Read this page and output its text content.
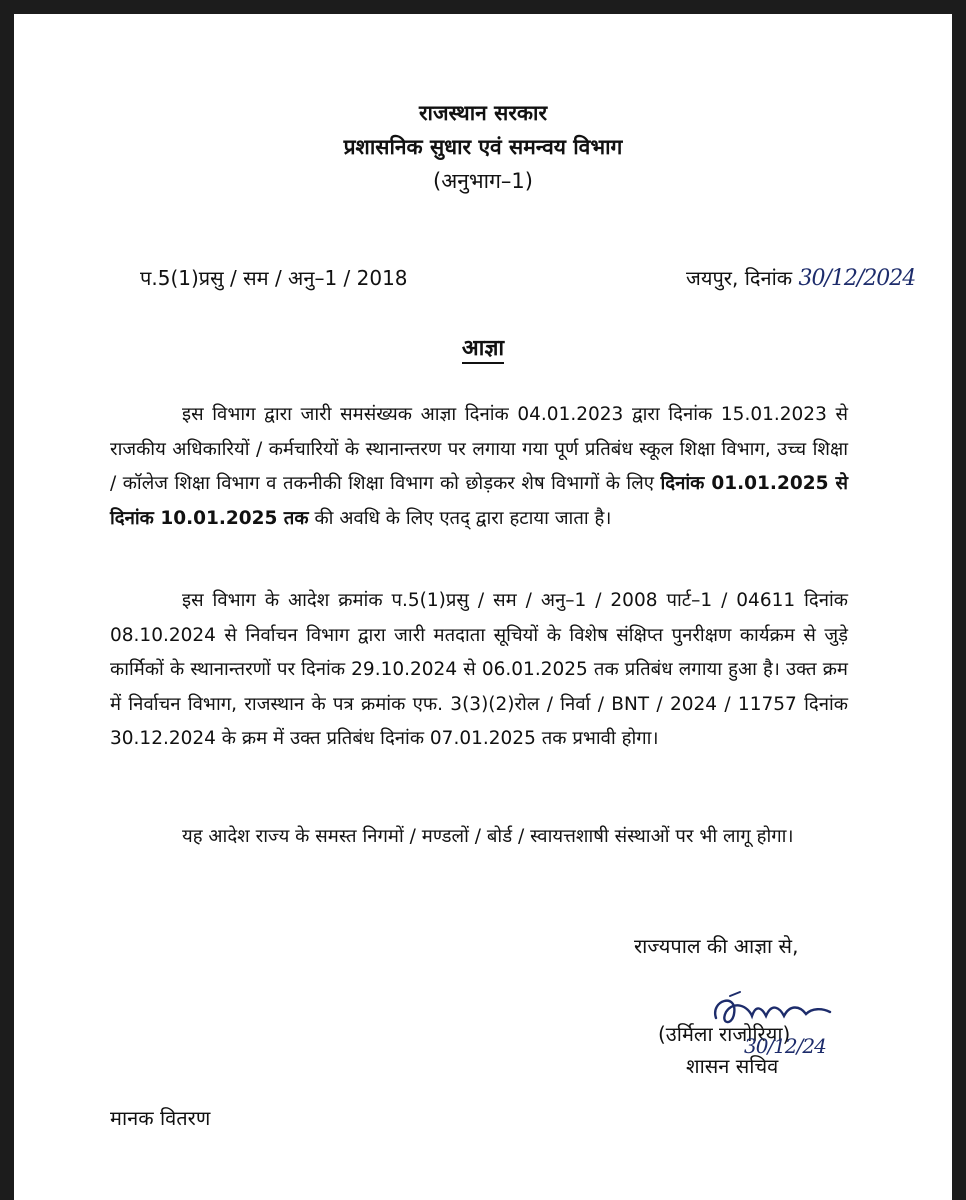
राजस्थान सरकार
प्रशासनिक सुधार एवं समन्वय विभाग
(अनुभाग–1)
प.5(1)प्रसु / सम / अनु–1 / 2018	जयपुर, दिनांक 30/12/2024
आज्ञा

इस विभाग द्वारा जारी समसंख्यक आज्ञा दिनांक 04.01.2023 द्वारा दिनांक 15.01.2023 से राजकीय अधिकारियों / कर्मचारियों के स्थानान्तरण पर लगाया गया पूर्ण प्रतिबंध स्कूल शिक्षा विभाग, उच्च शिक्षा / कॉलेज शिक्षा विभाग व तकनीकी शिक्षा विभाग को छोड़कर शेष विभागों के लिए दिनांक 01.01.2025 से दिनांक 10.01.2025 तक की अवधि के लिए एतद् द्वारा हटाया जाता है।

इस विभाग के आदेश क्रमांक प.5(1)प्रसु / सम / अनु–1 / 2008 पार्ट–1 / 04611 दिनांक 08.10.2024 से निर्वाचन विभाग द्वारा जारी मतदाता सूचियों के विशेष संक्षिप्त पुनरीक्षण कार्यक्रम से जुड़े कार्मिकों के स्थानान्तरणों पर दिनांक 29.10.2024 से 06.01.2025 तक प्रतिबंध लगाया हुआ है। उक्त क्रम में निर्वाचन विभाग, राजस्थान के पत्र क्रमांक एफ. 3(3)(2)रोल / निर्वा / BNT / 2024 / 11757 दिनांक 30.12.2024 के क्रम में उक्त प्रतिबंध दिनांक 07.01.2025 तक प्रभावी होगा।

यह आदेश राज्य के समस्त निगमों / मण्डलों / बोर्ड / स्वायत्तशाषी संस्थाओं पर भी लागू होगा।

राज्यपाल की आज्ञा से,
(उर्मिला राजोरिया)
शासन सचिव
30/12/24
मानक वितरण
